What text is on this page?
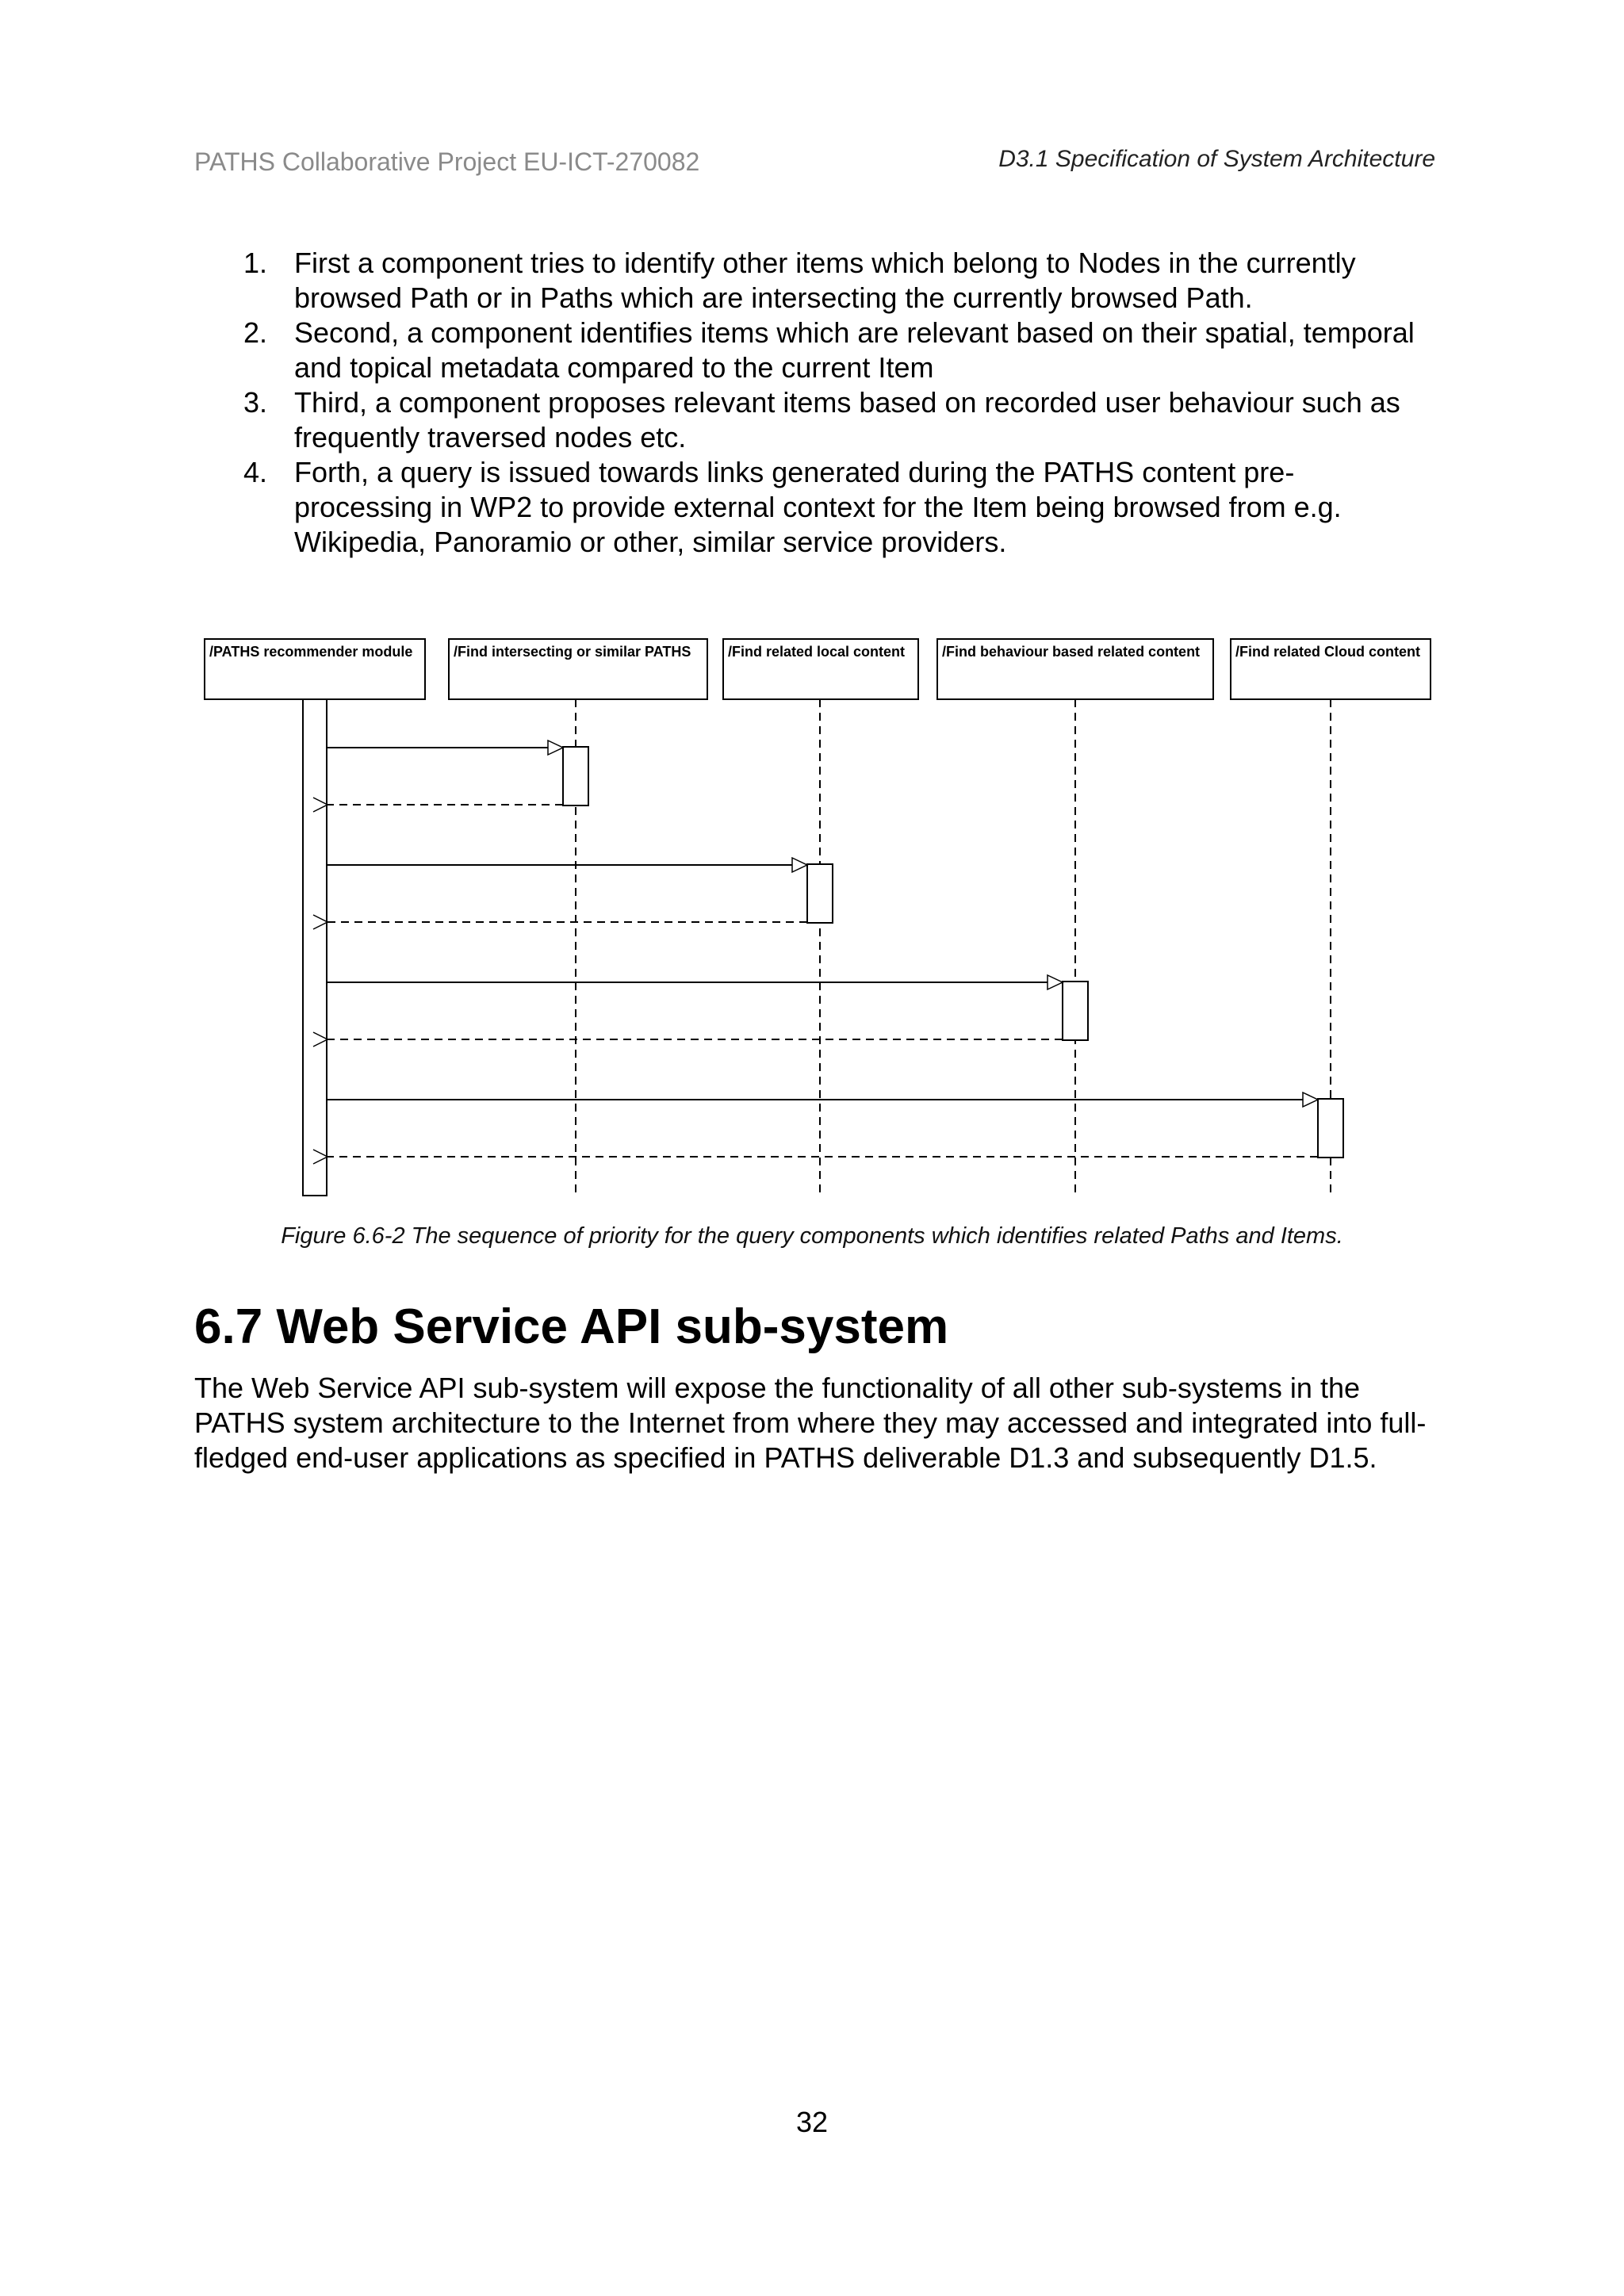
PATHS Collaborative Project EU-ICT-270082	D3.1 Specification of System Architecture
1. First a component tries to identify other items which belong to Nodes in the currently browsed Path or in Paths which are intersecting the currently browsed Path.
2. Second, a component identifies items which are relevant based on their spatial, temporal and topical metadata compared to the current Item
3. Third, a component proposes relevant items based on recorded user behaviour such as frequently traversed nodes etc.
4. Forth, a query is issued towards links generated during the PATHS content pre-processing in WP2 to provide external context for the Item being browsed from e.g. Wikipedia, Panoramio or other, similar service providers.
/PATHS recommender module	/Find intersecting or similar PATHS	/Find related local content	/Find behaviour based related content /Find related Cloud content
Figure 6.6-2 The sequence of priority for the query components which identifies related Paths and Items.
6.7 Web Service API sub-system

The Web Service API sub-system will expose the functionality of all other sub-systems in the PATHS system architecture to the Internet from where they may accessed and integrated into full-fledged end-user applications as specified in PATHS deliverable D1.3 and subsequently D1.5.

32
